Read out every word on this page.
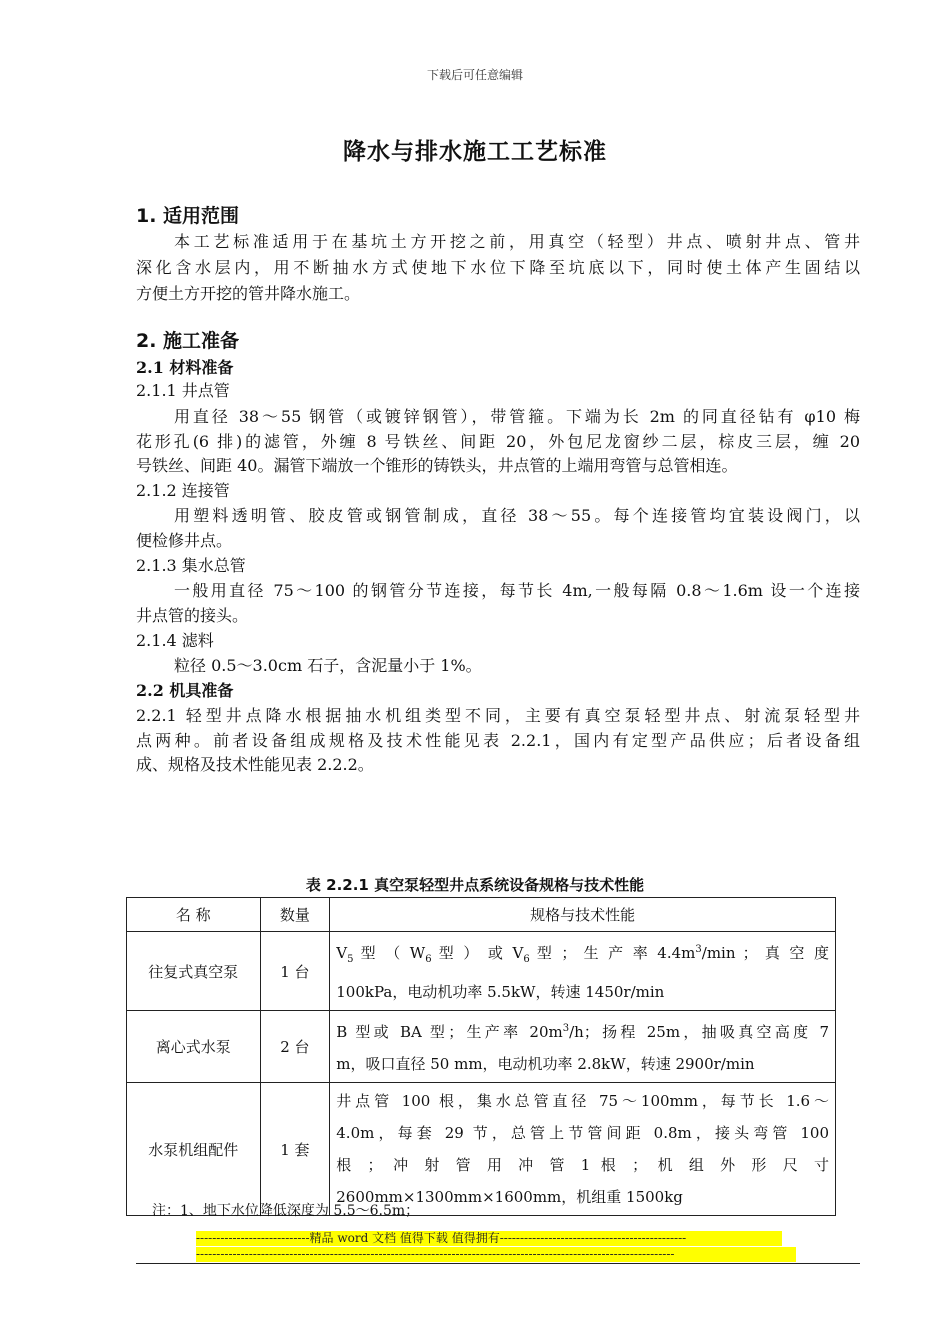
下载后可任意编辑
降水与排水施工工艺标准
1. 适用范围
本工艺标准适用于在基坑土方开挖之前，用真空（轻型）井点、喷射井点、管井
深化含水层内，用不断抽水方式使地下水位下降至坑底以下，同时使土体产生固结以
方便土方开挖的管井降水施工。
2. 施工准备
2.1 材料准备
2.1.1 井点管
用直径 38～55 钢管（或镀锌钢管），带管箍。下端为长 2m 的同直径钻有 φ10 梅
花形孔(6 排)的滤管，外缠 8 号铁丝、间距 20，外包尼龙窗纱二层，棕皮三层，缠 20
号铁丝、间距 40。漏管下端放一个锥形的铸铁头，井点管的上端用弯管与总管相连。
2.1.2 连接管
用塑料透明管、胶皮管或钢管制成，直径 38～55。每个连接管均宜装设阀门，以
便检修井点。
2.1.3 集水总管
一般用直径 75～100 的钢管分节连接，每节长 4m,一般每隔 0.8～1.6m 设一个连接
井点管的接头。
2.1.4 滤料
粒径 0.5～3.0cm 石子，含泥量小于 1%。
2.2 机具准备
2.2.1 轻型井点降水根据抽水机组类型不同，主要有真空泵轻型井点、射流泵轻型井
点两种。前者设备组成规格及技术性能见表 2.2.1，国内有定型产品供应；后者设备组
成、规格及技术性能见表 2.2.2。
表 2.2.1 真空泵轻型井点系统设备规格与技术性能
名 称	数量	规格与技术性能
往复式真空泵	1 台	$V_5$ 型 （ $W_6$ 型 ） 或 $V_6$ 型 ； 生 产 率 $4.4m^3/\min$ ； 真 空 度
100kPa，电动机功率 5.5kW，转速 1450r/min

离心式水泵	2 台	B 型或 BA 型；生产率 $20m^3/h$；扬程 25m，抽吸真空高度 7
m，吸口直径 50 mm，电动机功率 2.8kW，转速 2900r/min

水泵机组配件	1 套	井点管 100 根，集水总管直径 75～100mm，每节长 1.6～
4.0m，每套 29 节，总管上节管间距 0.8m，接头弯管 100
根 ； 冲 射 管 用 冲 管 1 根 ； 机 组 外 形 尺 寸
2600mm×1300mm×1600mm，机组重 1500kg
注：1、地下水位降低深度为 5.5～6.5m；
----------------------------精品 word 文档 值得下载 值得拥有----------------------------------------------
----------------------------------------------------------------------------------------------------------------------
